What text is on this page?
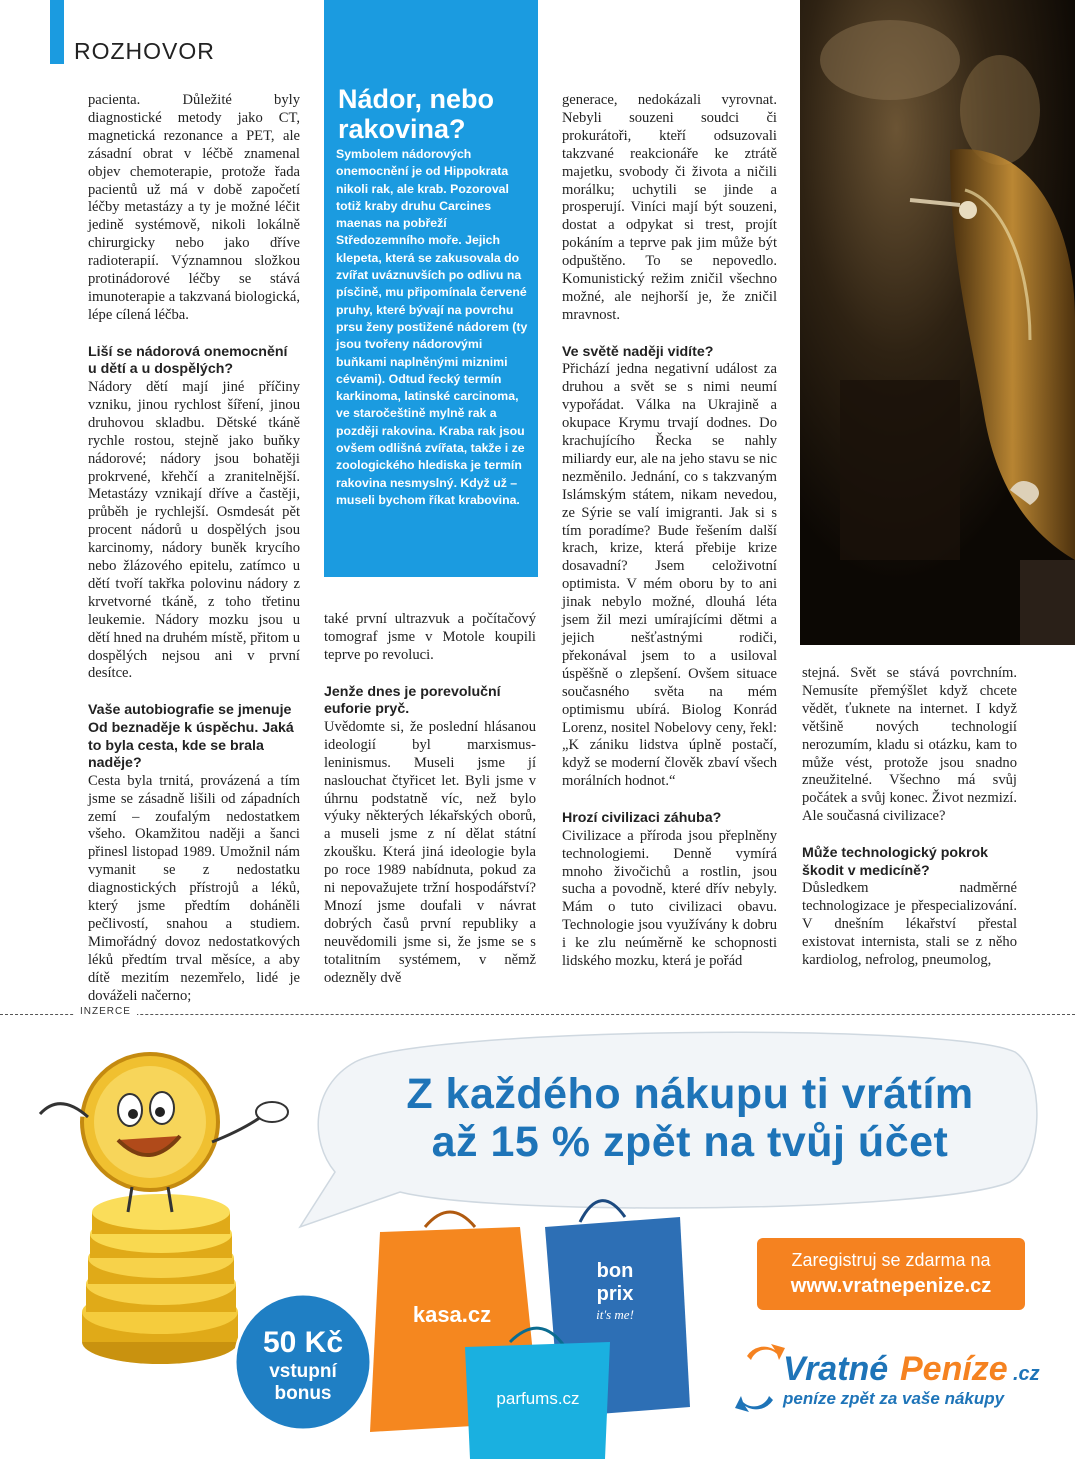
ROZHOVOR

pacienta. Důležité byly diagnostické metody jako CT, magnetická rezonance a PET, ale zásadní obrat v léčbě znamenal objev chemoterapie, protože řada pacientů už má v době započetí léčby metastázy a ty je možné léčit jedině systémově, nikoli lokálně chirurgicky nebo jako dříve radioterapií. Významnou složkou protinádorové léčby se stává imunoterapie a takzvaná biologická, lépe cílená léčba.

Liší se nádorová onemocnění u dětí a u dospělých?

Nádory dětí mají jiné příčiny vzniku, jinou rychlost šíření, jinou druhovou skladbu. Dětské tkáně rychle rostou, stejně jako buňky nádorové; nádory jsou bohatěji prokrvené, křehčí a zranitelnější. Metastázy vznikají dříve a častěji, průběh je rychlejší. Osmdesát pět procent nádorů u dospělých jsou karcinomy, nádory buněk krycího nebo žlázového epitelu, zatímco u dětí tvoří takřka polovinu nádory z krvetvorné tkáně, z toho třetinu leukemie. Nádory mozku jsou u dětí hned na druhém místě, přitom u dospělých nejsou ani v první desítce.

Vaše autobiografie se jmenuje Od beznaděje k úspěchu. Jaká to byla cesta, kde se brala naděje?

Cesta byla trnitá, provázená a tím jsme se zásadně lišili od západních zemí – zoufalým nedostatkem všeho. Okamžitou naději a šanci přinesl listopad 1989. Umožnil nám vymanit se z nedostatku diagnostických přístrojů a léků, který jsme předtím doháněli pečlivostí, snahou a studiem. Mimořádný dovoz nedostatkových léků předtím trval měsíce, a aby dítě mezitím nezemřelo, lidé je dováželi načerno;

Nádor, nebo rakovina?
Symbolem nádorových onemocnění je od Hippokrata nikoli rak, ale krab. Pozoroval totiž kraby druhu Carcines maenas na pobřeží Středozemního moře. Jejich klepeta, která se zakusovala do zvířat uváznuvších po odlivu na písčině, mu připomínala červené pruhy, které bývají na povrchu prsu ženy postižené nádorem (ty jsou tvořeny nádorovými buňkami naplněnými miznimi cévami). Odtud řecký termín karkinoma, latinské carcinoma, ve staročeštině mylně rak a později rakovina. Kraba rak jsou ovšem odlišná zvířata, takže i ze zoologického hlediska je termín rakovina nesmyslný. Když už – museli bychom říkat krabovina.

také první ultrazvuk a počítačový tomograf jsme v Motole koupili teprve po revoluci.

Jenže dnes je porevoluční euforie pryč.

Uvědomte si, že poslední hlásanou ideologií byl marxismus-leninismus. Museli jsme jí naslouchat čtyřicet let. Byli jsme v úhrnu podstatně víc, než bylo výuky některých lékařských oborů, a museli jsme z ní dělat státní zkoušku. Která jiná ideologie byla po roce 1989 nabídnuta, pokud za ni nepovažujete tržní hospodářství? Mnozí jsme doufali v návrat dobrých časů první republiky a neuvědomili jsme si, že jsme se s totalitním systémem, v němž odezněly dvě

generace, nedokázali vyrovnat. Nebyli souzeni soudci či prokurátoři, kteří odsuzovali takzvané reakcionáře ke ztrátě majetku, svobody či života a ničili morálku; uchytili se jinde a prosperují. Viníci mají být souzeni, dostat a odpykat si trest, projít pokáním a teprve pak jim může být odpuštěno. To se nepovedlo. Komunistický režim zničil všechno možné, ale nejhorší je, že zničil mravnost.

Ve světě naději vidíte?

Přichází jedna negativní událost za druhou a svět se s nimi neumí vypořádat. Válka na Ukrajině a okupace Krymu trvají dodnes. Do krachujícího Řecka se nahly miliardy eur, ale na jeho stavu se nic nezměnilo. Jednání, co s takzvaným Islámským státem, nikam nevedou, ze Sýrie se valí imigranti. Jak si s tím poradíme? Bude řešením další krach, krize, která přebije krize dosavadní? Jsem celoživotní optimista. V mém oboru by to ani jinak nebylo možné, dlouhá léta jsem žil mezi umírajícími dětmi a jejich nešťastnými rodiči, překonával jsem to a usiloval úspěšně o zlepšení. Ovšem situace současného světa na mém optimismu ubírá. Biolog Konrád Lorenz, nositel Nobelovy ceny, řekl: „K zániku lidstva úplně postačí, když se moderní člověk zbaví všech morálních hodnot.“

Hrozí civilizaci záhuba?

Civilizace a příroda jsou přeplněny technologiemi. Denně vymírá mnoho živočichů a rostlin, jsou sucha a povodně, které dřív nebyly. Mám o tuto civilizaci obavu. Technologie jsou využívány k dobru i ke zlu neúměrně ke schopnosti lidského mozku, která je pořád

stejná. Svět se stává povrchním. Nemusíte přemýšlet když chcete vědět, ťuknete na internet. I když většině nových technologií nerozumím, kladu si otázku, kam to může vést, protože jsou snadno zneužitelné. Všechno má svůj počátek a svůj konec. Život nezmizí. Ale současná civilizace?

Může technologický pokrok škodit v medicíně?

Důsledkem nadměrné technologizace je přespecializování. V dnešním lékařství přestal existovat internista, stali se z něho kardiolog, nefrolog, pneumolog,

INZERCE
50 Kč
vstupní
bonus
kasa.cz
bon
prix
it's me!
parfums.cz
Z každého nákupu ti vrátím
až 15 % zpět na tvůj účet
Zaregistruj se zdarma na
www.vratnepenize.cz
Vratné Peníze .cz
peníze zpět za vaše nákupy
